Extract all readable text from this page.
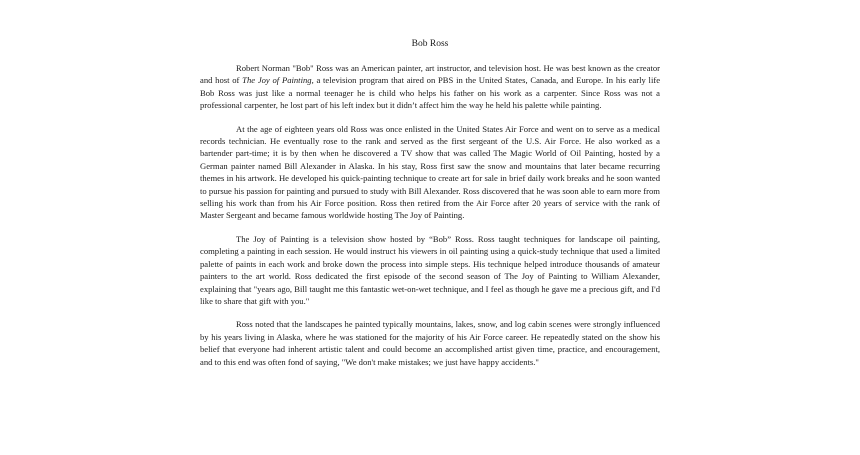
Bob Ross

Robert Norman "Bob" Ross was an American painter, art instructor, and television host. He was best known as the creator and host of The Joy of Painting, a television program that aired on PBS in the United States, Canada, and Europe. In his early life Bob Ross was just like a normal teenager he is child who helps his father on his work as a carpenter. Since Ross was not a professional carpenter, he lost part of his left index but it didn’t affect him the way he held his palette while painting.

At the age of eighteen years old Ross was once enlisted in the United States Air Force and went on to serve as a medical records technician. He eventually rose to the rank and served as the first sergeant of the U.S. Air Force. He also worked as a bartender part-time; it is by then when he discovered a TV show that was called The Magic World of Oil Painting, hosted by a German painter named Bill Alexander in Alaska. In his stay, Ross first saw the snow and mountains that later became recurring themes in his artwork. He developed his quick-painting technique to create art for sale in brief daily work breaks and he soon wanted to pursue his passion for painting and pursued to study with Bill Alexander. Ross discovered that he was soon able to earn more from selling his work than from his Air Force position. Ross then retired from the Air Force after 20 years of service with the rank of Master Sergeant and became famous worldwide hosting The Joy of Painting.

The Joy of Painting is a television show hosted by “Bob” Ross. Ross taught techniques for landscape oil painting, completing a painting in each session. He would instruct his viewers in oil painting using a quick-study technique that used a limited palette of paints in each work and broke down the process into simple steps. His technique helped introduce thousands of amateur painters to the art world. Ross dedicated the first episode of the second season of The Joy of Painting to William Alexander, explaining that "years ago, Bill taught me this fantastic wet-on-wet technique, and I feel as though he gave me a precious gift, and I'd like to share that gift with you."

Ross noted that the landscapes he painted typically mountains, lakes, snow, and log cabin scenes were strongly influenced by his years living in Alaska, where he was stationed for the majority of his Air Force career. He repeatedly stated on the show his belief that everyone had inherent artistic talent and could become an accomplished artist given time, practice, and encouragement, and to this end was often fond of saying, "We don't make mistakes; we just have happy accidents."
